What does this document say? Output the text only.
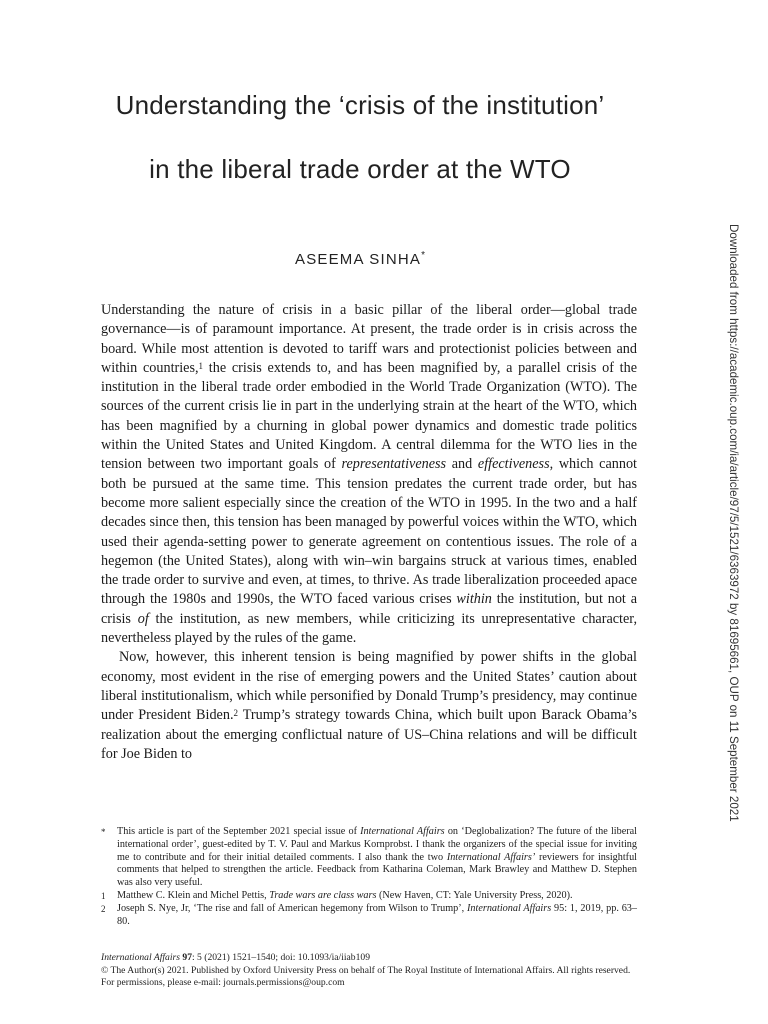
Understanding the ‘crisis of the institution’
in the liberal trade order at the WTO
ASEEMA SINHA*

Understanding the nature of crisis in a basic pillar of the liberal order—global trade governance—is of paramount importance. At present, the trade order is in crisis across the board. While most attention is devoted to tariff wars and protectionist policies between and within countries,$^1$ the crisis extends to, and has been magnified by, a parallel crisis of the institution in the liberal trade order embodied in the World Trade Organization (WTO). The sources of the current crisis lie in part in the underlying strain at the heart of the WTO, which has been magnified by a churning in global power dynamics and domestic trade politics within the United States and United Kingdom. A central dilemma for the WTO lies in the tension between two important goals of representativeness and effectiveness, which cannot both be pursued at the same time. This tension predates the current trade order, but has become more salient especially since the creation of the WTO in 1995. In the two and a half decades since then, this tension has been managed by powerful voices within the WTO, which used their agenda-setting power to generate agreement on contentious issues. The role of a hegemon (the United States), along with win–win bargains struck at various times, enabled the trade order to survive and even, at times, to thrive. As trade liberalization proceeded apace through the 1980s and 1990s, the WTO faced various crises within the institution, but not a crisis of the institution, as new members, while criticizing its unrepresentative character, nevertheless played by the rules of the game.

Now, however, this inherent tension is being magnified by power shifts in the global economy, most evident in the rise of emerging powers and the United States’ caution about liberal institutionalism, which while personified by Donald Trump’s presidency, may continue under President Biden.$^2$ Trump’s strategy towards China, which built upon Barack Obama’s realization about the emerging conflictual nature of US–China relations and will be difficult for Joe Biden to

* This article is part of the September 2021 special issue of International Affairs on ‘Deglobalization? The future of the liberal international order’, guest-edited by T. V. Paul and Markus Kornprobst. I thank the organizers of the special issue for inviting me to contribute and for their initial detailed comments. I also thank the two International Affairs’ reviewers for insightful comments that helped to strengthen the article. Feedback from Katharina Coleman, Mark Brawley and Matthew D. Stephen was also very useful.
1 Matthew C. Klein and Michel Pettis, Trade wars are class wars (New Haven, CT: Yale University Press, 2020).
2 Joseph S. Nye, Jr, ‘The rise and fall of American hegemony from Wilson to Trump’, International Affairs 95: 1, 2019, pp. 63–80.
International Affairs 97: 5 (2021) 1521–1540; doi: 10.1093/ia/iiab109
© The Author(s) 2021. Published by Oxford University Press on behalf of The Royal Institute of International Affairs. All rights reserved. For permissions, please e-mail: journals.permissions@oup.com
Downloaded from https://academic.oup.com/ia/article/97/5/1521/6363972 by 81695661, OUP on 11 September 2021
